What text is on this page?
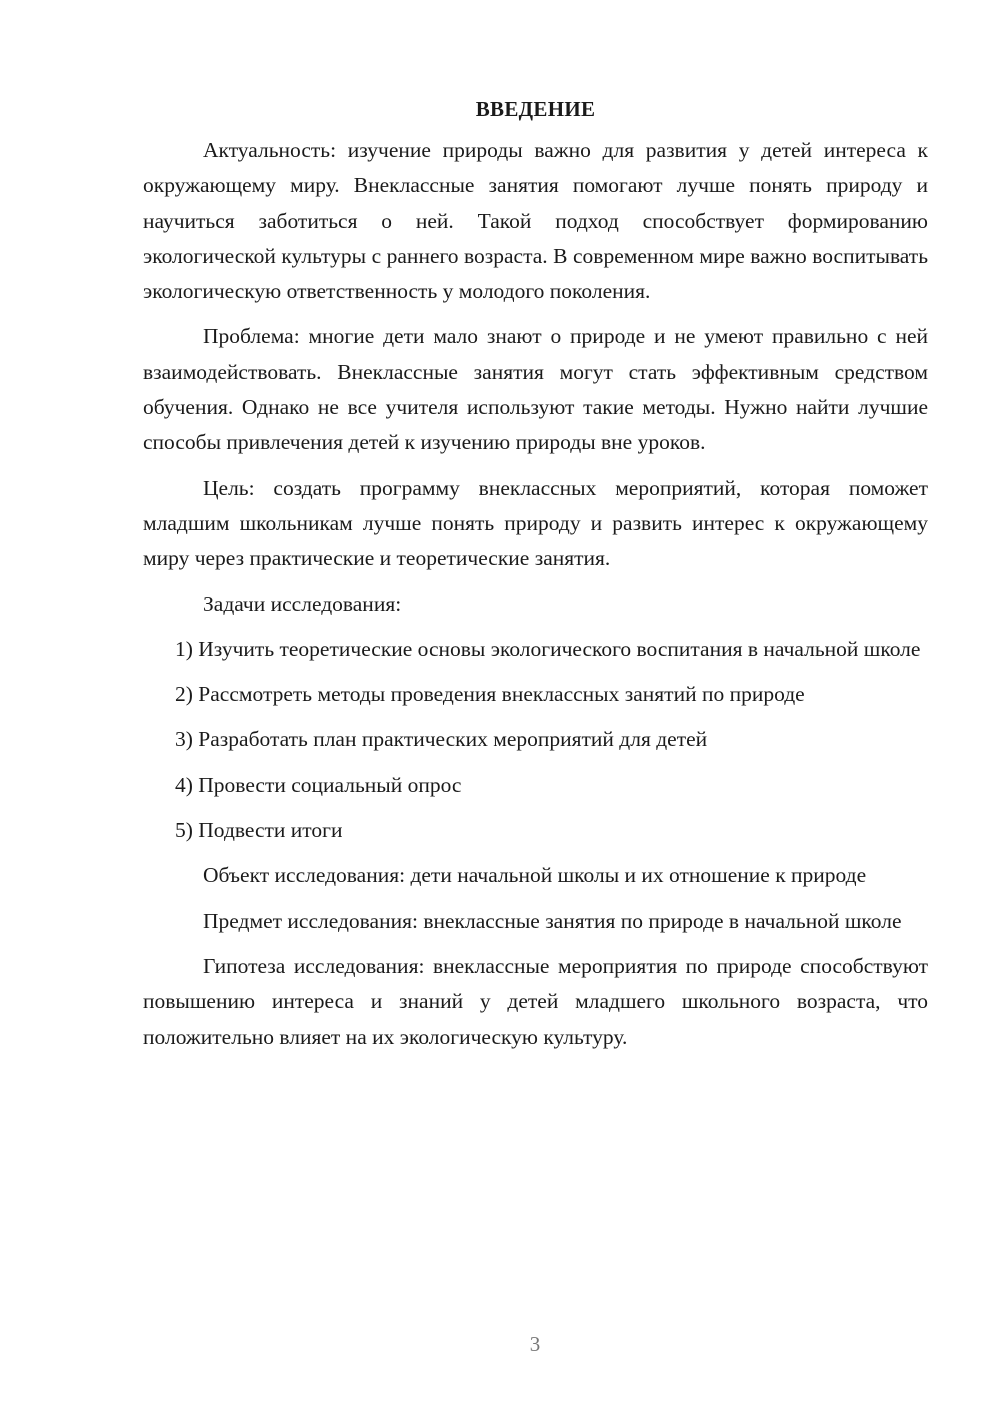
ВВЕДЕНИЕ

Актуальность: изучение природы важно для развития у детей интереса к окружающему миру. Внеклассные занятия помогают лучше понять природу и научиться заботиться о ней. Такой подход способствует формированию экологической культуры с раннего возраста. В современном мире важно воспитывать экологическую ответственность у молодого поколения.

Проблема: многие дети мало знают о природе и не умеют правильно с ней взаимодействовать. Внеклассные занятия могут стать эффективным средством обучения. Однако не все учителя используют такие методы. Нужно найти лучшие способы привлечения детей к изучению природы вне уроков.

Цель: создать программу внеклассных мероприятий, которая поможет младшим школьникам лучше понять природу и развить интерес к окружающему миру через практические и теоретические занятия.

Задачи исследования:

1) Изучить теоретические основы экологического воспитания в начальной школе

2) Рассмотреть методы проведения внеклассных занятий по природе

3) Разработать план практических мероприятий для детей

4) Провести социальный опрос

5) Подвести итоги

Объект исследования: дети начальной школы и их отношение к природе

Предмет исследования: внеклассные занятия по природе в начальной школе

Гипотеза исследования: внеклассные мероприятия по природе способствуют повышению интереса и знаний у детей младшего школьного возраста, что положительно влияет на их экологическую культуру.

3
